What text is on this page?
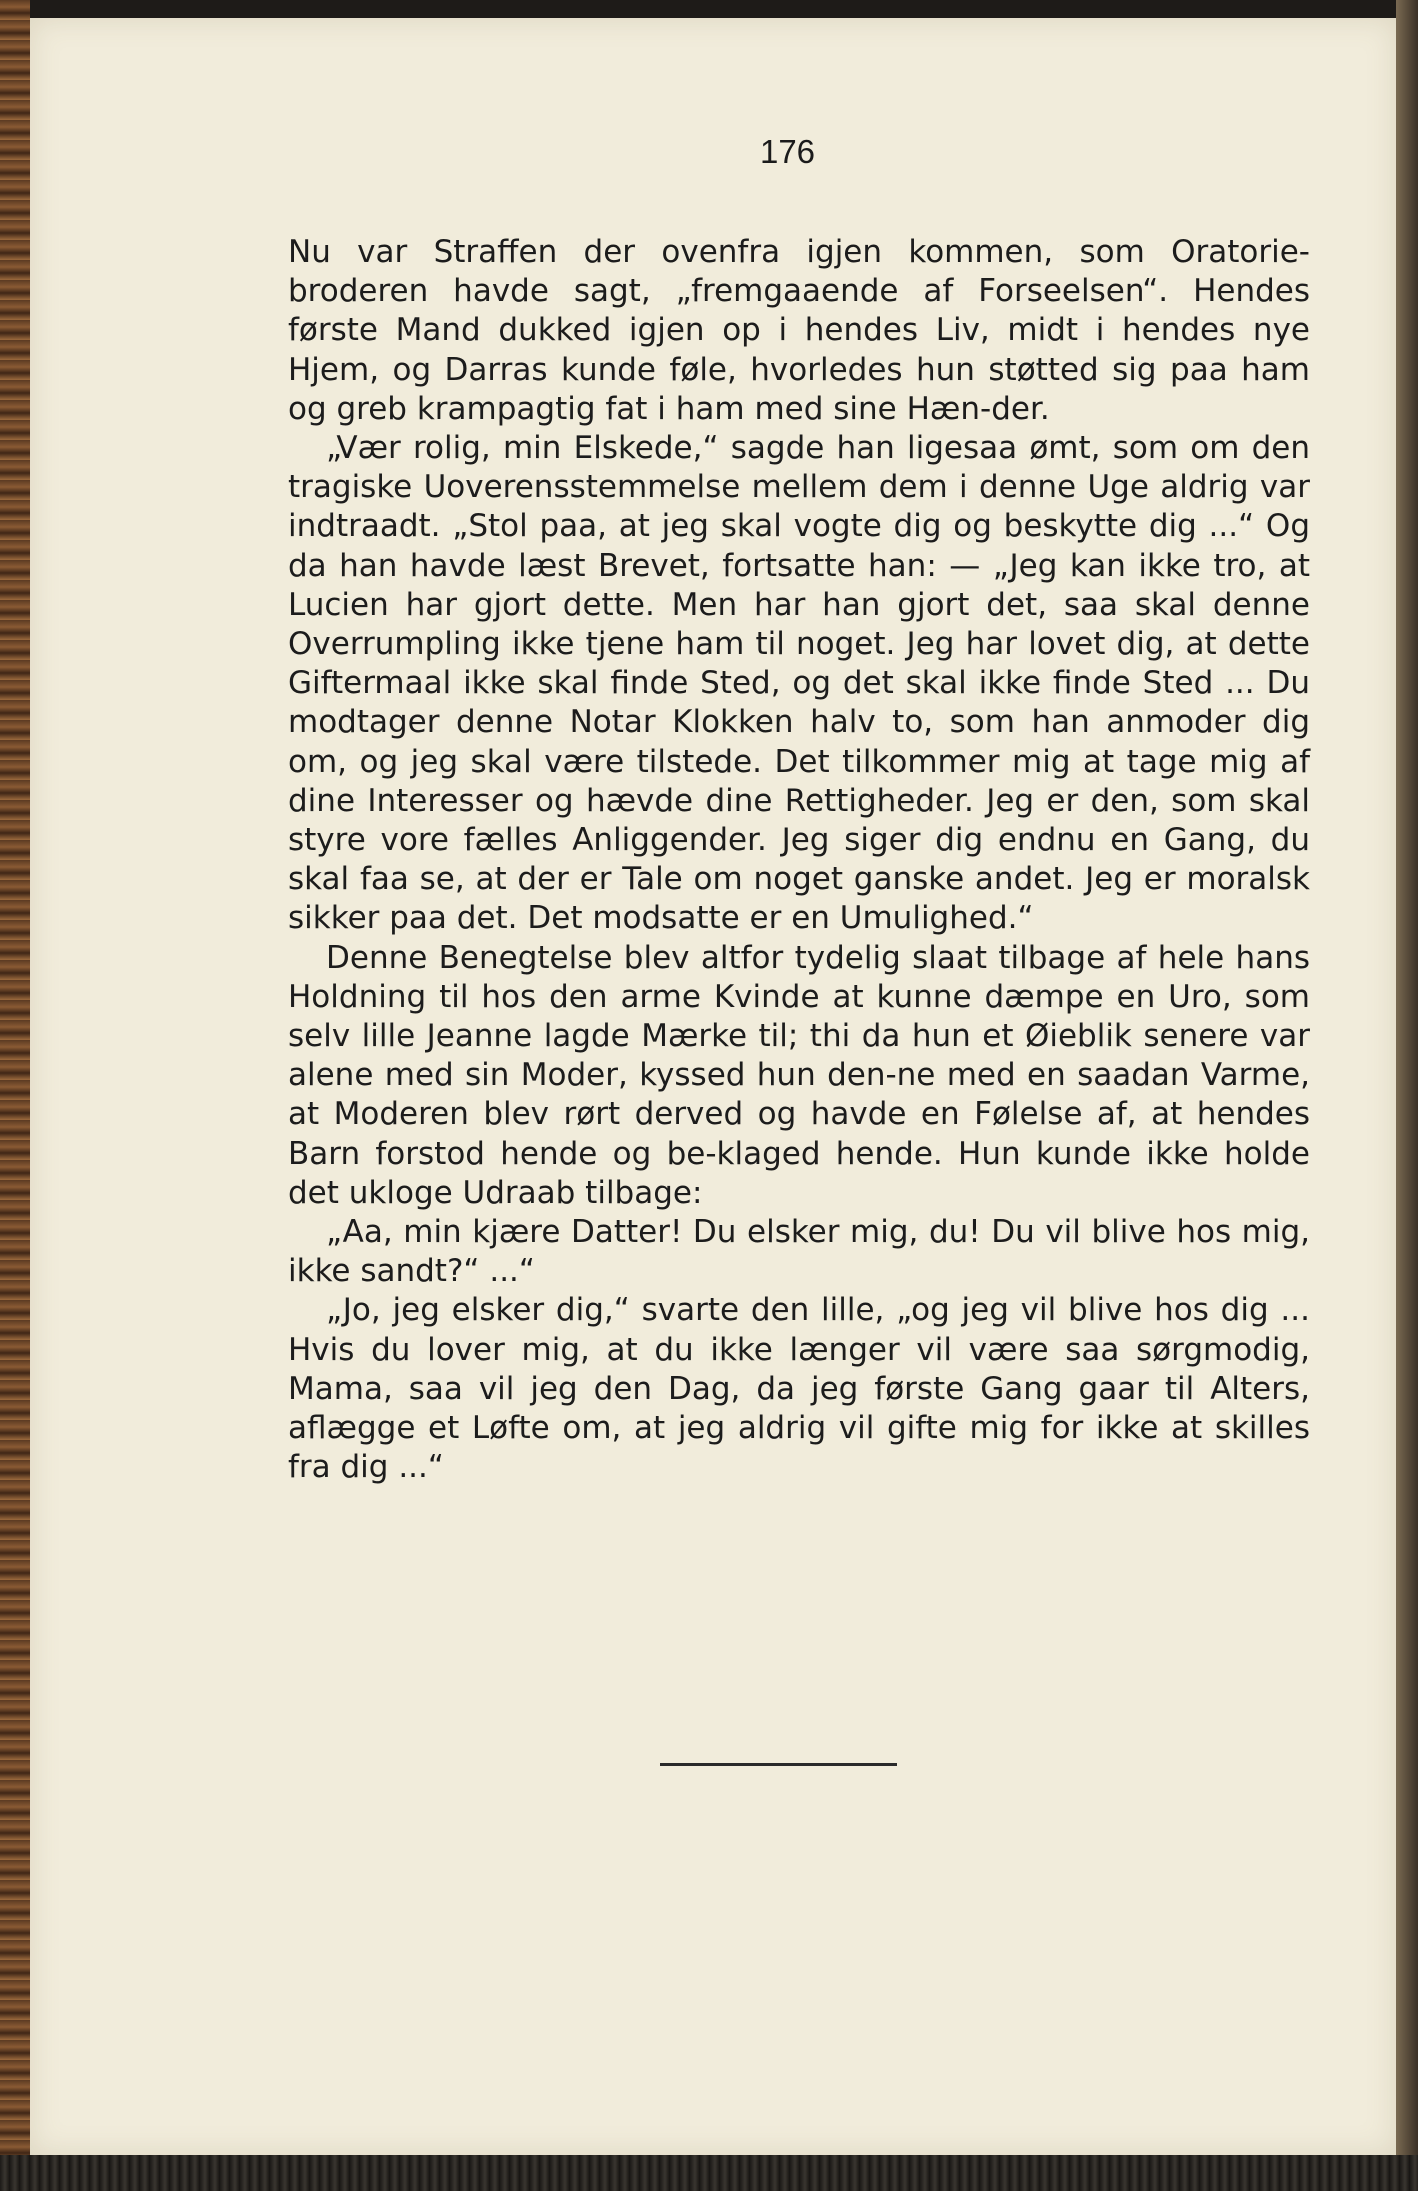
176

Nu var Straffen der ovenfra igjen kommen, som Oratorie-broderen havde sagt, „fremgaaende af Forseelsen“. Hendes første Mand dukked igjen op i hendes Liv, midt i hendes nye Hjem, og Darras kunde føle, hvorledes hun støtted sig paa ham og greb krampagtig fat i ham med sine Hæn-der.

„Vær rolig, min Elskede,“ sagde han ligesaa ømt, som om den tragiske Uoverensstemmelse mellem dem i denne Uge aldrig var indtraadt. „Stol paa, at jeg skal vogte dig og beskytte dig ...“ Og da han havde læst Brevet, fortsatte han: — „Jeg kan ikke tro, at Lucien har gjort dette. Men har han gjort det, saa skal denne Overrumpling ikke tjene ham til noget. Jeg har lovet dig, at dette Giftermaal ikke skal finde Sted, og det skal ikke finde Sted ... Du modtager denne Notar Klokken halv to, som han anmoder dig om, og jeg skal være tilstede. Det tilkommer mig at tage mig af dine Interesser og hævde dine Rettigheder. Jeg er den, som skal styre vore fælles Anliggender. Jeg siger dig endnu en Gang, du skal faa se, at der er Tale om noget ganske andet. Jeg er moralsk sikker paa det. Det modsatte er en Umulighed.“

Denne Benegtelse blev altfor tydelig slaat tilbage af hele hans Holdning til hos den arme Kvinde at kunne dæmpe en Uro, som selv lille Jeanne lagde Mærke til; thi da hun et Øieblik senere var alene med sin Moder, kyssed hun den-ne med en saadan Varme, at Moderen blev rørt derved og havde en Følelse af, at hendes Barn forstod hende og be-klaged hende. Hun kunde ikke holde det ukloge Udraab tilbage:

„Aa, min kjære Datter! Du elsker mig, du! Du vil blive hos mig, ikke sandt?“ ...“

„Jo, jeg elsker dig,“ svarte den lille, „og jeg vil blive hos dig ... Hvis du lover mig, at du ikke længer vil være saa sørgmodig, Mama, saa vil jeg den Dag, da jeg første Gang gaar til Alters, aflægge et Løfte om, at jeg aldrig vil gifte mig for ikke at skilles fra dig ...“
